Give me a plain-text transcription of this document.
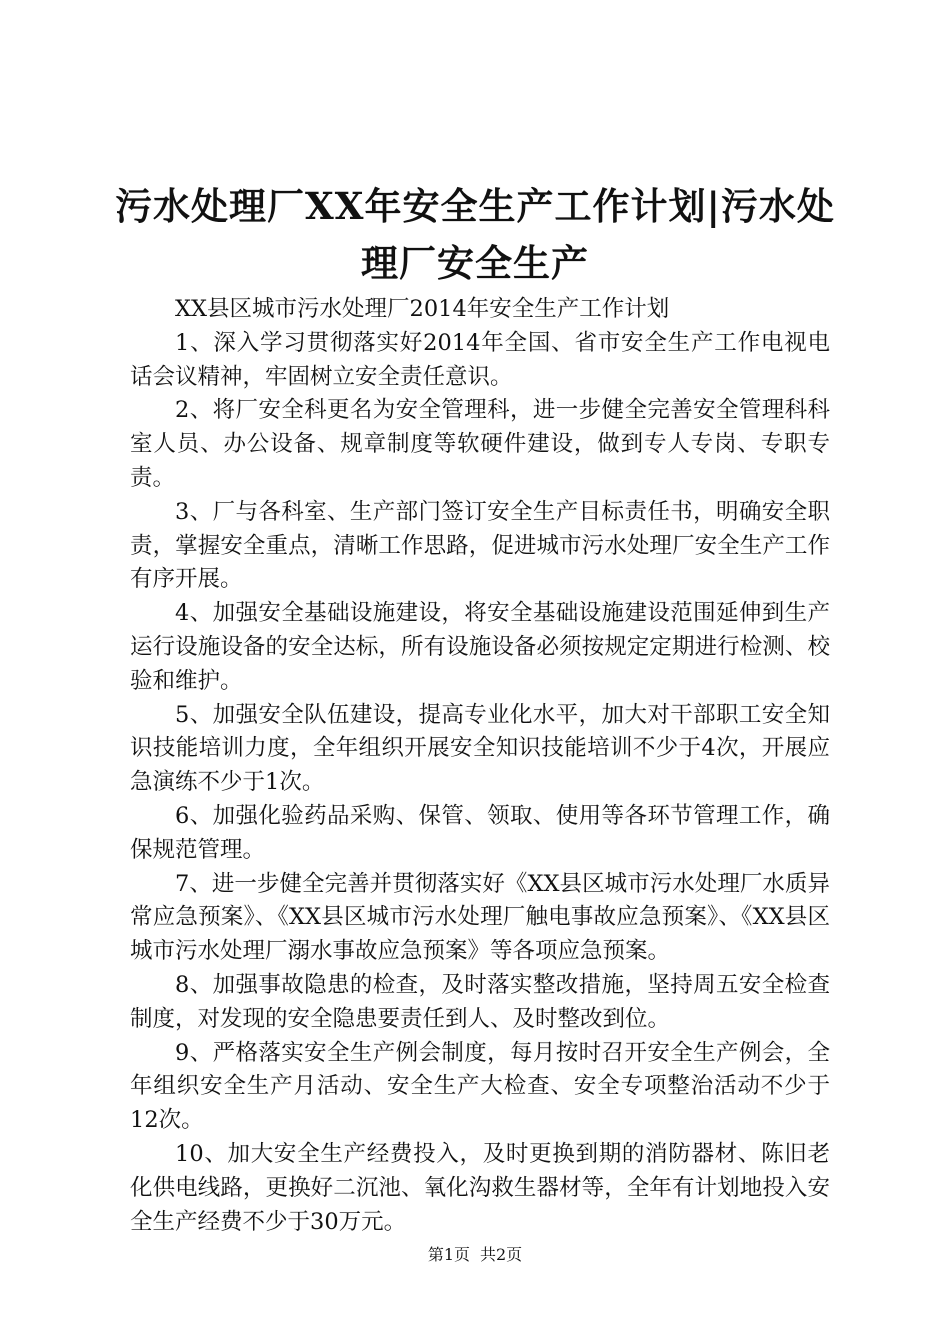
污水处理厂XX年安全生产工作计划|污水处理厂安全生产

XX县区城市污水处理厂2014年安全生产工作计划

1、深入学习贯彻落实好2014年全国、省市安全生产工作电视电话会议精神，牢固树立安全责任意识。

2、将厂安全科更名为安全管理科，进一步健全完善安全管理科科室人员、办公设备、规章制度等软硬件建设，做到专人专岗、专职专责。

3、厂与各科室、生产部门签订安全生产目标责任书，明确安全职责，掌握安全重点，清晰工作思路，促进城市污水处理厂安全生产工作有序开展。

4、加强安全基础设施建设，将安全基础设施建设范围延伸到生产运行设施设备的安全达标，所有设施设备必须按规定定期进行检测、校验和维护。

5、加强安全队伍建设，提高专业化水平，加大对干部职工安全知识技能培训力度，全年组织开展安全知识技能培训不少于4次，开展应急演练不少于1次。

6、加强化验药品采购、保管、领取、使用等各环节管理工作，确保规范管理。

7、进一步健全完善并贯彻落实好《XX县区城市污水处理厂水质异常应急预案》、《XX县区城市污水处理厂触电事故应急预案》、《XX县区城市污水处理厂溺水事故应急预案》等各项应急预案。

8、加强事故隐患的检查，及时落实整改措施，坚持周五安全检查制度，对发现的安全隐患要责任到人、及时整改到位。

9、严格落实安全生产例会制度，每月按时召开安全生产例会，全年组织安全生产月活动、安全生产大检查、安全专项整治活动不少于12次。

10、加大安全生产经费投入，及时更换到期的消防器材、陈旧老化供电线路，更换好二沉池、氧化沟救生器材等，全年有计划地投入安全生产经费不少于30万元。

第1页 共2页
